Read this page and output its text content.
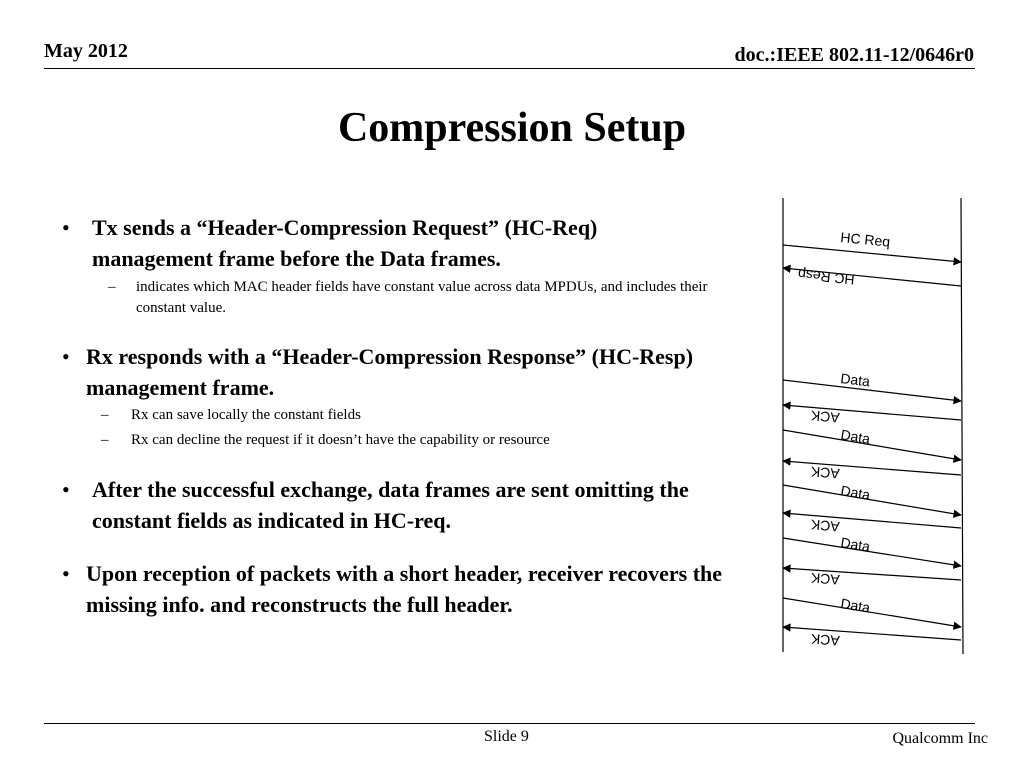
May 2012	doc.:IEEE 802.11-12/0646r0
Compression Setup
• Tx sends a “Header-Compression Request” (HC-Req) management frame before the Data frames.
– indicates which MAC header fields have constant value across data MPDUs, and includes their constant value.
• Rx responds with a “Header-Compression Response” (HC-Resp) management frame.
– Rx can save locally the constant fields
– Rx can decline the request if it doesn’t have the capability or resource
• After the successful exchange, data frames are sent omitting the constant fields as indicated in HC-req.
• Upon reception of packets with a short header, receiver recovers the missing info. and reconstructs the full header.
HC Req
HC Resp
Data
ACK
Data
ACK
Data
ACK
Data
ACK
Data
ACK
Slide 9	Qualcomm Inc
